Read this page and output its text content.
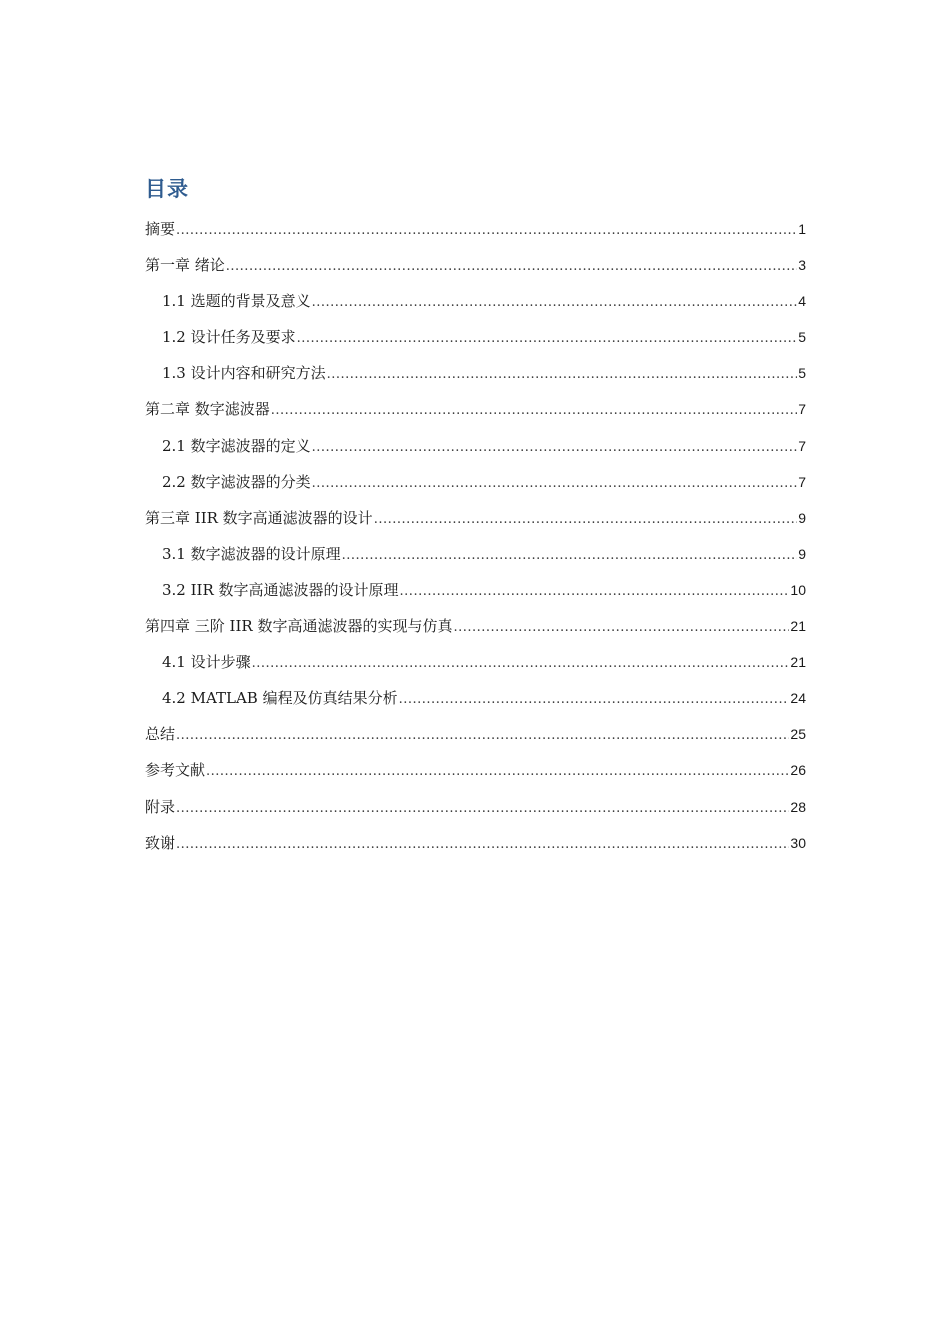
目录
摘要 .....	1
第一章 绪论 .....	3
1.1 选题的背景及意义 .....	4
1.2 设计任务及要求 .....	5
1.3 设计内容和研究方法 .....	5
第二章 数字滤波器 .....	7
2.1 数字滤波器的定义 .....	7
2.2 数字滤波器的分类 .....	7
第三章 IIR 数字高通滤波器的设计 .....	9
3.1 数字滤波器的设计原理 .....	9
3.2 IIR 数字高通滤波器的设计原理 .....	10
第四章 三阶 IIR 数字高通滤波器的实现与仿真 .....	21
4.1 设计步骤 .....	21
4.2 MATLAB 编程及仿真结果分析 .....	24
总结 .....	25
参考文献 .....	26
附录 .....	28
致谢 .....	30
